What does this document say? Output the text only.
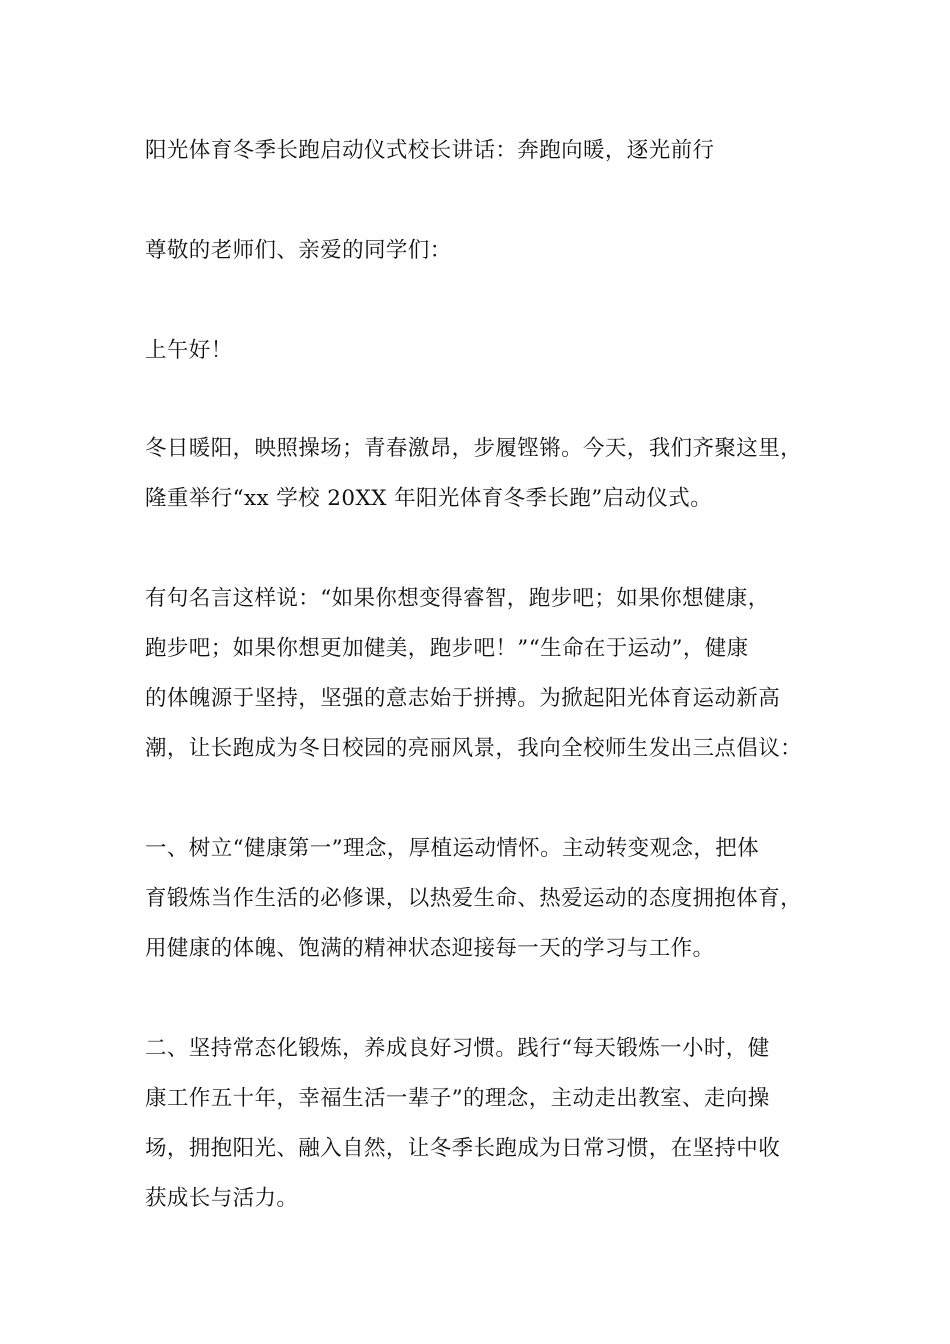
阳光体育冬季长跑启动仪式校长讲话：奔跑向暖，逐光前行

尊敬的老师们、亲爱的同学们：

上午好！

冬日暖阳，映照操场；青春激昂，步履铿锵。今天，我们齐聚这里，
隆重举行“xx 学校 20XX 年阳光体育冬季长跑”启动仪式。

有句名言这样说：“如果你想变得睿智，跑步吧；如果你想健康，
跑步吧；如果你想更加健美，跑步吧！”“生命在于运动”，健康
的体魄源于坚持，坚强的意志始于拼搏。为掀起阳光体育运动新高
潮，让长跑成为冬日校园的亮丽风景，我向全校师生发出三点倡议：

一、树立“健康第一”理念，厚植运动情怀。主动转变观念，把体
育锻炼当作生活的必修课，以热爱生命、热爱运动的态度拥抱体育，
用健康的体魄、饱满的精神状态迎接每一天的学习与工作。

二、坚持常态化锻炼，养成良好习惯。践行“每天锻炼一小时，健
康工作五十年，幸福生活一辈子”的理念，主动走出教室、走向操
场，拥抱阳光、融入自然，让冬季长跑成为日常习惯，在坚持中收
获成长与活力。
